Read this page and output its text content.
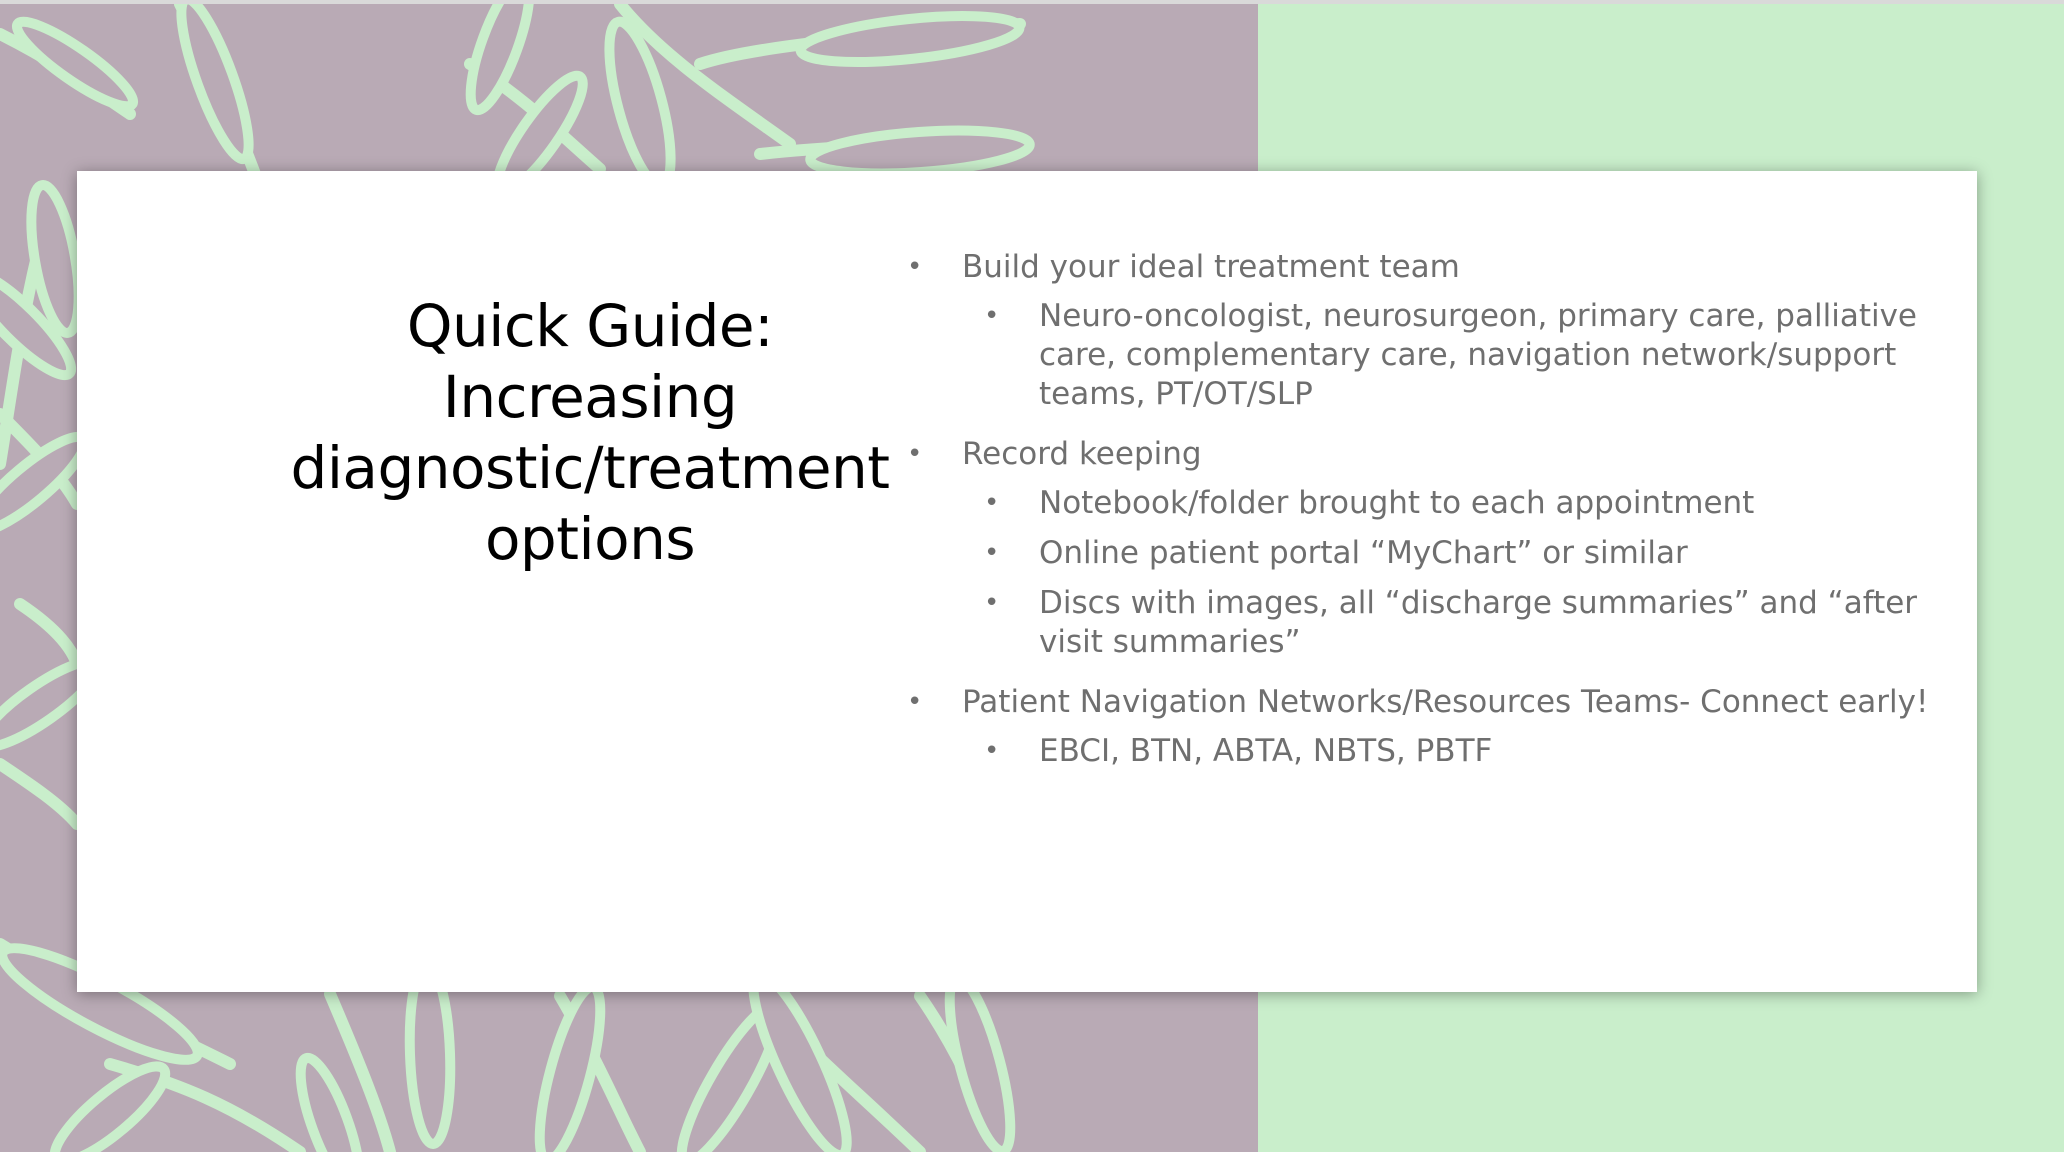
Quick Guide:
Increasing
diagnostic/treatment
options
• Build your ideal treatment team
• Neuro-oncologist, neurosurgeon, primary care, palliative care, complementary care, navigation network/support teams, PT/OT/SLP
• Record keeping
• Notebook/folder brought to each appointment
• Online patient portal “MyChart” or similar
• Discs with images, all “discharge summaries” and “after visit summaries”
• Patient Navigation Networks/Resources Teams- Connect early!
• EBCI, BTN, ABTA, NBTS, PBTF
